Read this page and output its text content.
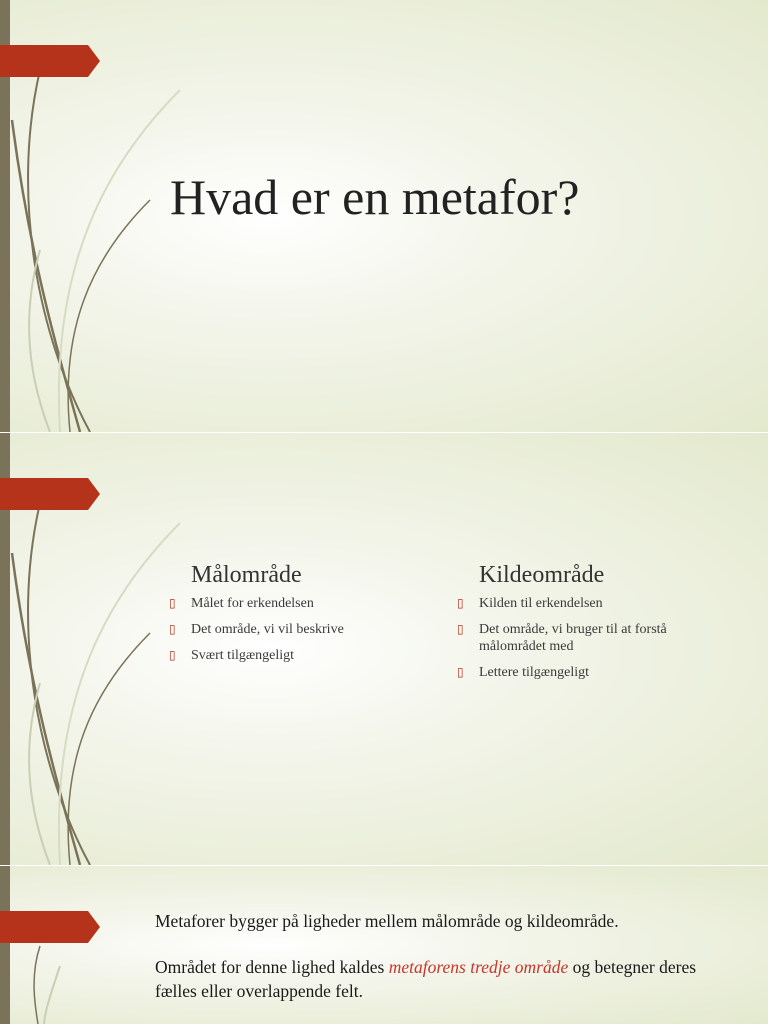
Hvad er en metafor?
Målområde
▯ Målet for erkendelsen
▯ Det område, vi vil beskrive
▯ Svært tilgængeligt
Kildeområde
▯ Kilden til erkendelsen
▯ Det område, vi bruger til at forstå målområdet med
▯ Lettere tilgængeligt

Metaforer bygger på ligheder mellem målområde og kildeområde.

Området for denne lighed kaldes metaforens tredje område og betegner deres fælles eller overlappende felt.
